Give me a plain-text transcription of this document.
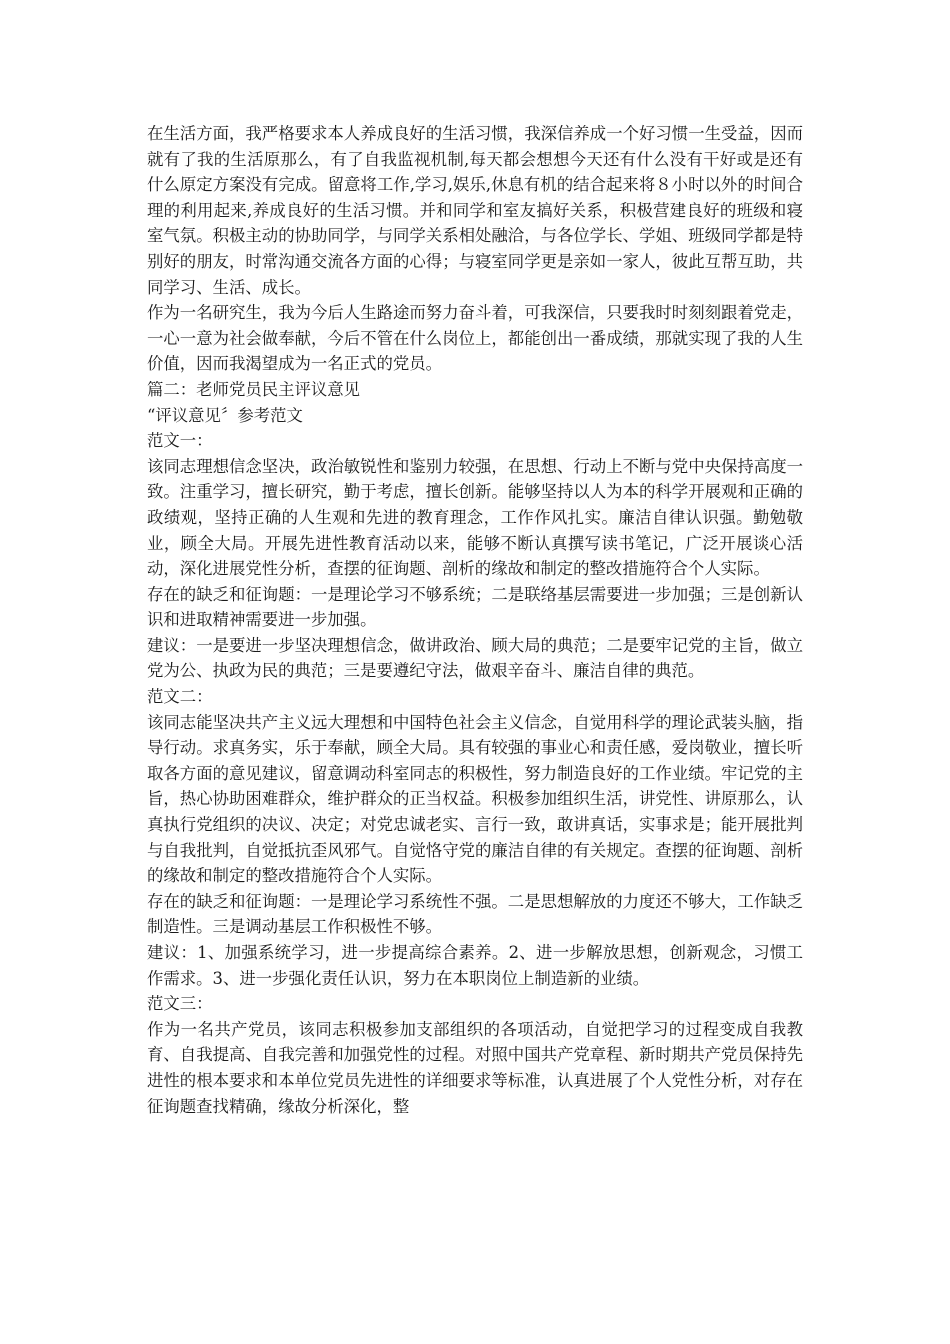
在生活方面，我严格要求本人养成良好的生活习惯，我深信养成一个好习惯一生受益，因而就有了我的生活原那么，有了自我监视机制,每天都会想想今天还有什么没有干好或是还有什么原定方案没有完成。留意将工作,学习,娱乐,休息有机的结合起来将８小时以外的时间合理的利用起来,养成良好的生活习惯。并和同学和室友搞好关系，积极营建良好的班级和寝室气氛。积极主动的协助同学，与同学关系相处融洽，与各位学长、学姐、班级同学都是特别好的朋友，时常沟通交流各方面的心得；与寝室同学更是亲如一家人，彼此互帮互助，共同学习、生活、成长。

作为一名研究生，我为今后人生路途而努力奋斗着，可我深信，只要我时时刻刻跟着党走，一心一意为社会做奉献，今后不管在什么岗位上，都能创出一番成绩，那就实现了我的人生价值，因而我渴望成为一名正式的党员。

篇二：老师党员民主评议意见

“评议意见〞参考范文

范文一：

该同志理想信念坚决，政治敏锐性和鉴别力较强，在思想、行动上不断与党中央保持高度一致。注重学习，擅长研究，勤于考虑，擅长创新。能够坚持以人为本的科学开展观和正确的政绩观，坚持正确的人生观和先进的教育理念，工作作风扎实。廉洁自律认识强。勤勉敬业，顾全大局。开展先进性教育活动以来，能够不断认真撰写读书笔记，广泛开展谈心活动，深化进展党性分析，查摆的征询题、剖析的缘故和制定的整改措施符合个人实际。

存在的缺乏和征询题：一是理论学习不够系统；二是联络基层需要进一步加强；三是创新认识和进取精神需要进一步加强。

建议：一是要进一步坚决理想信念，做讲政治、顾大局的典范；二是要牢记党的主旨，做立党为公、执政为民的典范；三是要遵纪守法，做艰辛奋斗、廉洁自律的典范。

范文二：

该同志能坚决共产主义远大理想和中国特色社会主义信念，自觉用科学的理论武装头脑，指导行动。求真务实，乐于奉献，顾全大局。具有较强的事业心和责任感，爱岗敬业，擅长听取各方面的意见建议，留意调动科室同志的积极性，努力制造良好的工作业绩。牢记党的主旨，热心协助困难群众，维护群众的正当权益。积极参加组织生活，讲党性、讲原那么，认真执行党组织的决议、决定；对党忠诚老实、言行一致，敢讲真话，实事求是；能开展批判与自我批判，自觉抵抗歪风邪气。自觉恪守党的廉洁自律的有关规定。查摆的征询题、剖析的缘故和制定的整改措施符合个人实际。

存在的缺乏和征询题：一是理论学习系统性不强。二是思想解放的力度还不够大，工作缺乏制造性。三是调动基层工作积极性不够。

建议：1、加强系统学习，进一步提高综合素养。2、进一步解放思想，创新观念，习惯工作需求。3、进一步强化责任认识，努力在本职岗位上制造新的业绩。

范文三：

作为一名共产党员，该同志积极参加支部组织的各项活动，自觉把学习的过程变成自我教育、自我提高、自我完善和加强党性的过程。对照中国共产党章程、新时期共产党员保持先进性的根本要求和本单位党员先进性的详细要求等标准，认真进展了个人党性分析，对存在征询题查找精确，缘故分析深化，整
